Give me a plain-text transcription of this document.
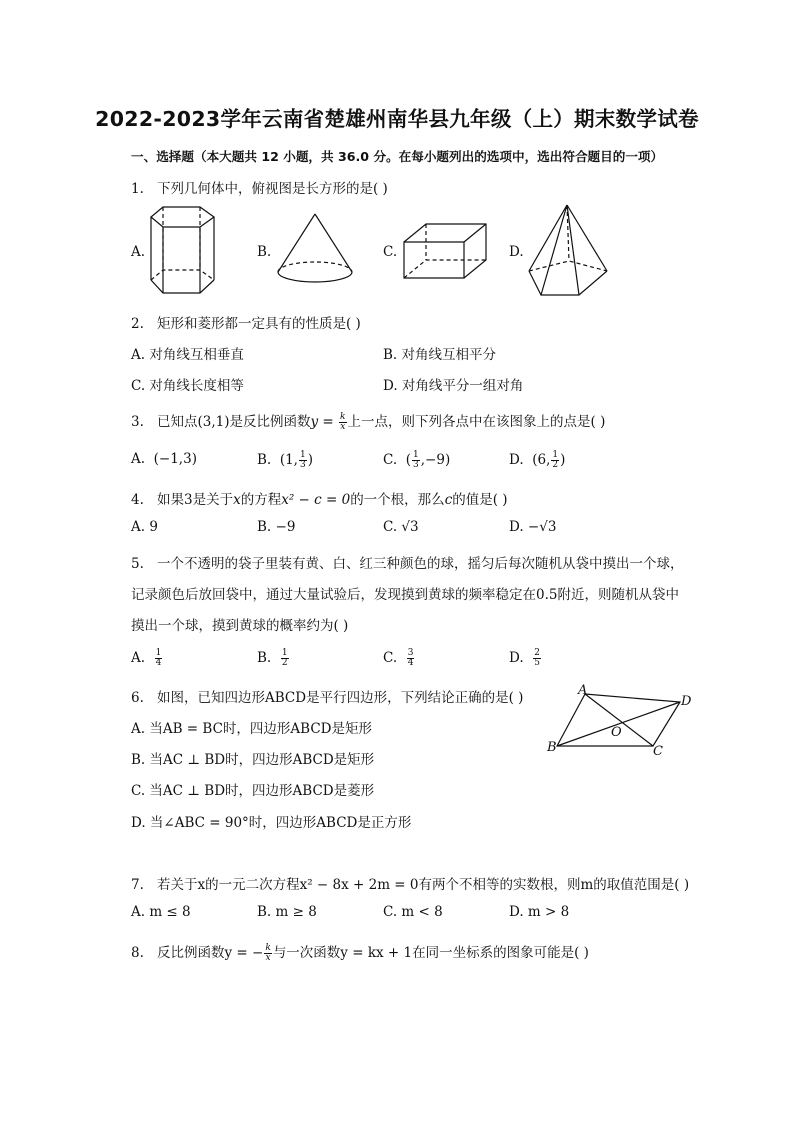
2022-2023学年云南省楚雄州南华县九年级（上）期末数学试卷
一、选择题（本大题共 12 小题，共 36.0 分。在每小题列出的选项中，选出符合题目的一项）
1. 下列几何体中，俯视图是长方形的是( )
A.	B.	C.	D.
2. 矩形和菱形都一定具有的性质是( )
A. 对角线互相垂直	B. 对角线互相平分
C. 对角线长度相等	D. 对角线平分一组对角
3. 已知点(3,1)是反比例函数$y = \frac{k}{x}$ 上一点，则下列各点中在该图象上的点是( )
A. (−1,3)	B. (1, $\frac{1}{3}$ )	C. ( $\frac{1}{3} ,-9$)	D. (6, $\frac{1}{2}$ )
4. 如果3是关于x的方程x² − c = 0的一个根，那么c的值是( )
A. 9	B. −9	C. √3	D. −√3
5. 一个不透明的袋子里装有黄、白、红三种颜色的球，摇匀后每次随机从袋中摸出一个球，
记录颜色后放回袋中，通过大量试验后，发现摸到黄球的频率稳定在0.5附近，则随机从袋中
摸出一个球，摸到黄球的概率约为( )
A. $\frac{1}{4}$	B. $\frac{1}{2}$	C. $\frac{3}{4}$	D. $\frac{2}{5}$
6. 如图，已知四边形ABCD是平行四边形，下列结论正确的是( )
A. 当AB = BC时，四边形ABCD是矩形
B. 当AC ⊥ BD时，四边形ABCD是矩形
C. 当AC ⊥ BD时，四边形ABCD是菱形
D. 当∠ABC = 90°时，四边形ABCD是正方形
A
D
B	C
O
7. 若关于x的一元二次方程x² − 8x + 2m = 0有两个不相等的实数根，则m的取值范围是( )
A. m ≤ 8	B. m ≥ 8	C. m < 8	D. m > 8
8. 反比例函数y = − $\frac{k}{x}$ 与一次函数y = kx + 1在同一坐标系的图象可能是( )
